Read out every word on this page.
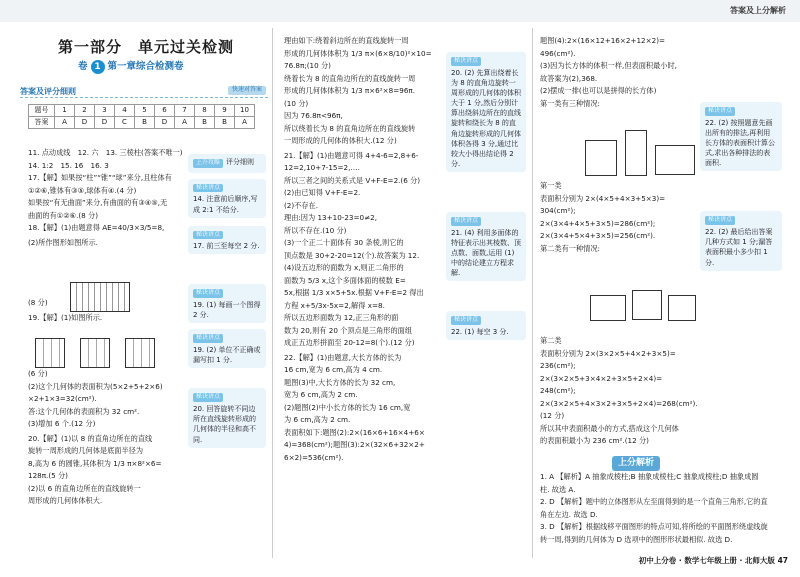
答案及上分解析
第一部分　单元过关检测
卷 1 第一章综合检测卷
答案及评分细则	快速对答案
题号	1	2	3	4	5	6	7	8	9	10
答案	A	D	D	C	B	D	A	B	B	A
11. 点动成线　12. 六　13. 三棱柱(答案不唯一)
14. 1:2　15. 16　16. 3
17.【解】如果按“柱”“锥”“球”来分,且柱体有
①②⑥,锥体有③⑤,球体有④.(4 分)
如果按“有无曲面”来分,有曲面的有③④⑤,无
曲面的有①②⑥.(8 分)
18.【解】(1)由题意得 AE=40/3×3/5=8,
(2)所作图形如图所示.
(8 分)
19.【解】(1)如图所示.
(6 分)
(2)这个几何体的表面积为(5×2+5+2×6)
×2+1×3=32(cm²).
答:这个几何体的表面积为 32 cm².
(3)增加 6 个.(12 分)
20.【解】(1)以 8 的直角边所在的直线
旋转一周形成的几何体是底面半径为
8,高为 6 的圆锥,其体积为 1/3 π×8²×6=
128π.(5 分)
(2)以 6 的直角边所在的直线旋转一
周形成的几何体体积大.
上升攻略 评分细则
秘诀讲点
14. 注意前后顺序,写成 2:1 不给分.
秘诀讲点
17. 前三至每空 2 分.
秘诀讲点
19. (1) 每画一个图得 2 分.
秘诀讲点
19. (2) 单位不正确或漏写扣 1 分.
秘诀讲点
20. 回答旋转不同边所在直线旋转形成的几何体的半径和高不同.
理由如下:绕着斜边所在的直线旋转一周
形成的几何体体积为 1/3 π×(6×8/10)²×10=
76.8π;(10 分)
绕着长为 8 的直角边所在的直线旋转一周
形成的几何体体积为 1/3 π×6²×8=96π.
(10 分)
因为 76.8π<96π,
所以绕着长为 8 的直角边所在的直线旋转
一周形成的几何体的体积大.(12 分)
21.【解】(1)由题意可得 4+4-6=2,8+6-
12=2,10+7-15=2,….
所以三者之间的关系式是 V+F-E=2.(6 分)
(2)由已知得 V+F-E=2.
(2)不存在.
理由:因为 13+10-23=0≠2,
所以不存在.(10 分)
(3)一个正二十面体有 30 条棱,则它的
顶点数是 30+2-20=12(个).故答案为 12.
(4)设五边形的面数为 x,则正二角形的
面数为 5/3 x,这个多面体面的棱数 E=
5x,根据 1/3 x×5+5x.根据 V+F-E=2 得出
方程 x+5/3x-5x=2,解得 x=8.
所以五边形面数为 12,正三角形的面
数为 20,则有 20 个顶点是三角形的面组
成正五边形拼面至 20-12=8(个).(12 分)
22.【解】(1)由题意,大长方体的长为
16 cm,宽为 6 cm,高为 4 cm.
题图(3)中,大长方体的长为 32 cm,
宽为 6 cm,高为 2 cm.
(2)题图(2)中小长方体的长为 16 cm,宽
为 6 cm,高为 2 cm.
表面积如下:题图(2):2×(16×6+16×4+6×
4)=368(cm²);题图(3):2×(32×6+32×2+
6×2)=536(cm²).
秘诀讲点
20. (2) 先算出绕着长为 8 的直角边旋转一周形成的几何体的体积大于 1 分,然后分别计算出绕斜边所在的直线旋转和绕长为 8 的直角边旋转形成的几何体体积各得 3 分,通过比较大小得出结论得 2 分.
秘诀讲点
21. (4) 利用多面体的特征表示出其棱数、顶点数、面数,运用 (1) 中的结论建立方程求解.
秘诀讲点
22. (1) 每空 3 分.
题图(4):2×(16×12+16×2+12×2)=
496(cm²).
(3)因为长方体的体积一样,但表面积最小时,
故答案为(2),368.
(2)摆成一排(也可以是拼得的长方体)
第一类有三种情况:
第一类
表面积分别为 2×(4×5+4×3+5×3)=
304(cm²);
2×(3×4+4×5+3×5)=286(cm²);
2×(3×4+5×4+3×5)=256(cm²).
第二类有一种情况:
第二类
表面积分别为 2×(3×2×5+4×2+3×5)=
236(cm²);
2×(3×2×5+3×4×2+3×5+2×4)=
248(cm²);
2×(3×2×5+4×3×2+3×5+2×4)=268(cm²).
(12 分)
所以其中表面积最小的方式,搭成这个几何体
的表面积最小为 236 cm².(12 分)
秘诀讲点
22. (2) 按照题意先画出所有的排法,再利用长方体的表面积计算公式,求出各种排法的表面积.
秘诀讲点
22. (2) 最后给出答案几种方式如 1 分;漏答表面积最小多少扣 1 分.
上分解析
1. A 【解析】A 抽象成棱柱;B 抽象成棱柱;C 抽象成棱柱;D 抽象成圆
柱. 故选 A.
2. D 【解析】题中的立体图形从左至面得到的是一个直角三角形,它的直
角在左边. 故选 D.
3. D 【解析】根据线移平面图形的特点可知,将所绘的平面图形绕虚线旋
转一周,得到的几何体为 D 选项中的图形形状最相似. 故选 D.
初中上分卷 · 数学七年级上册 · 北师大版 47
